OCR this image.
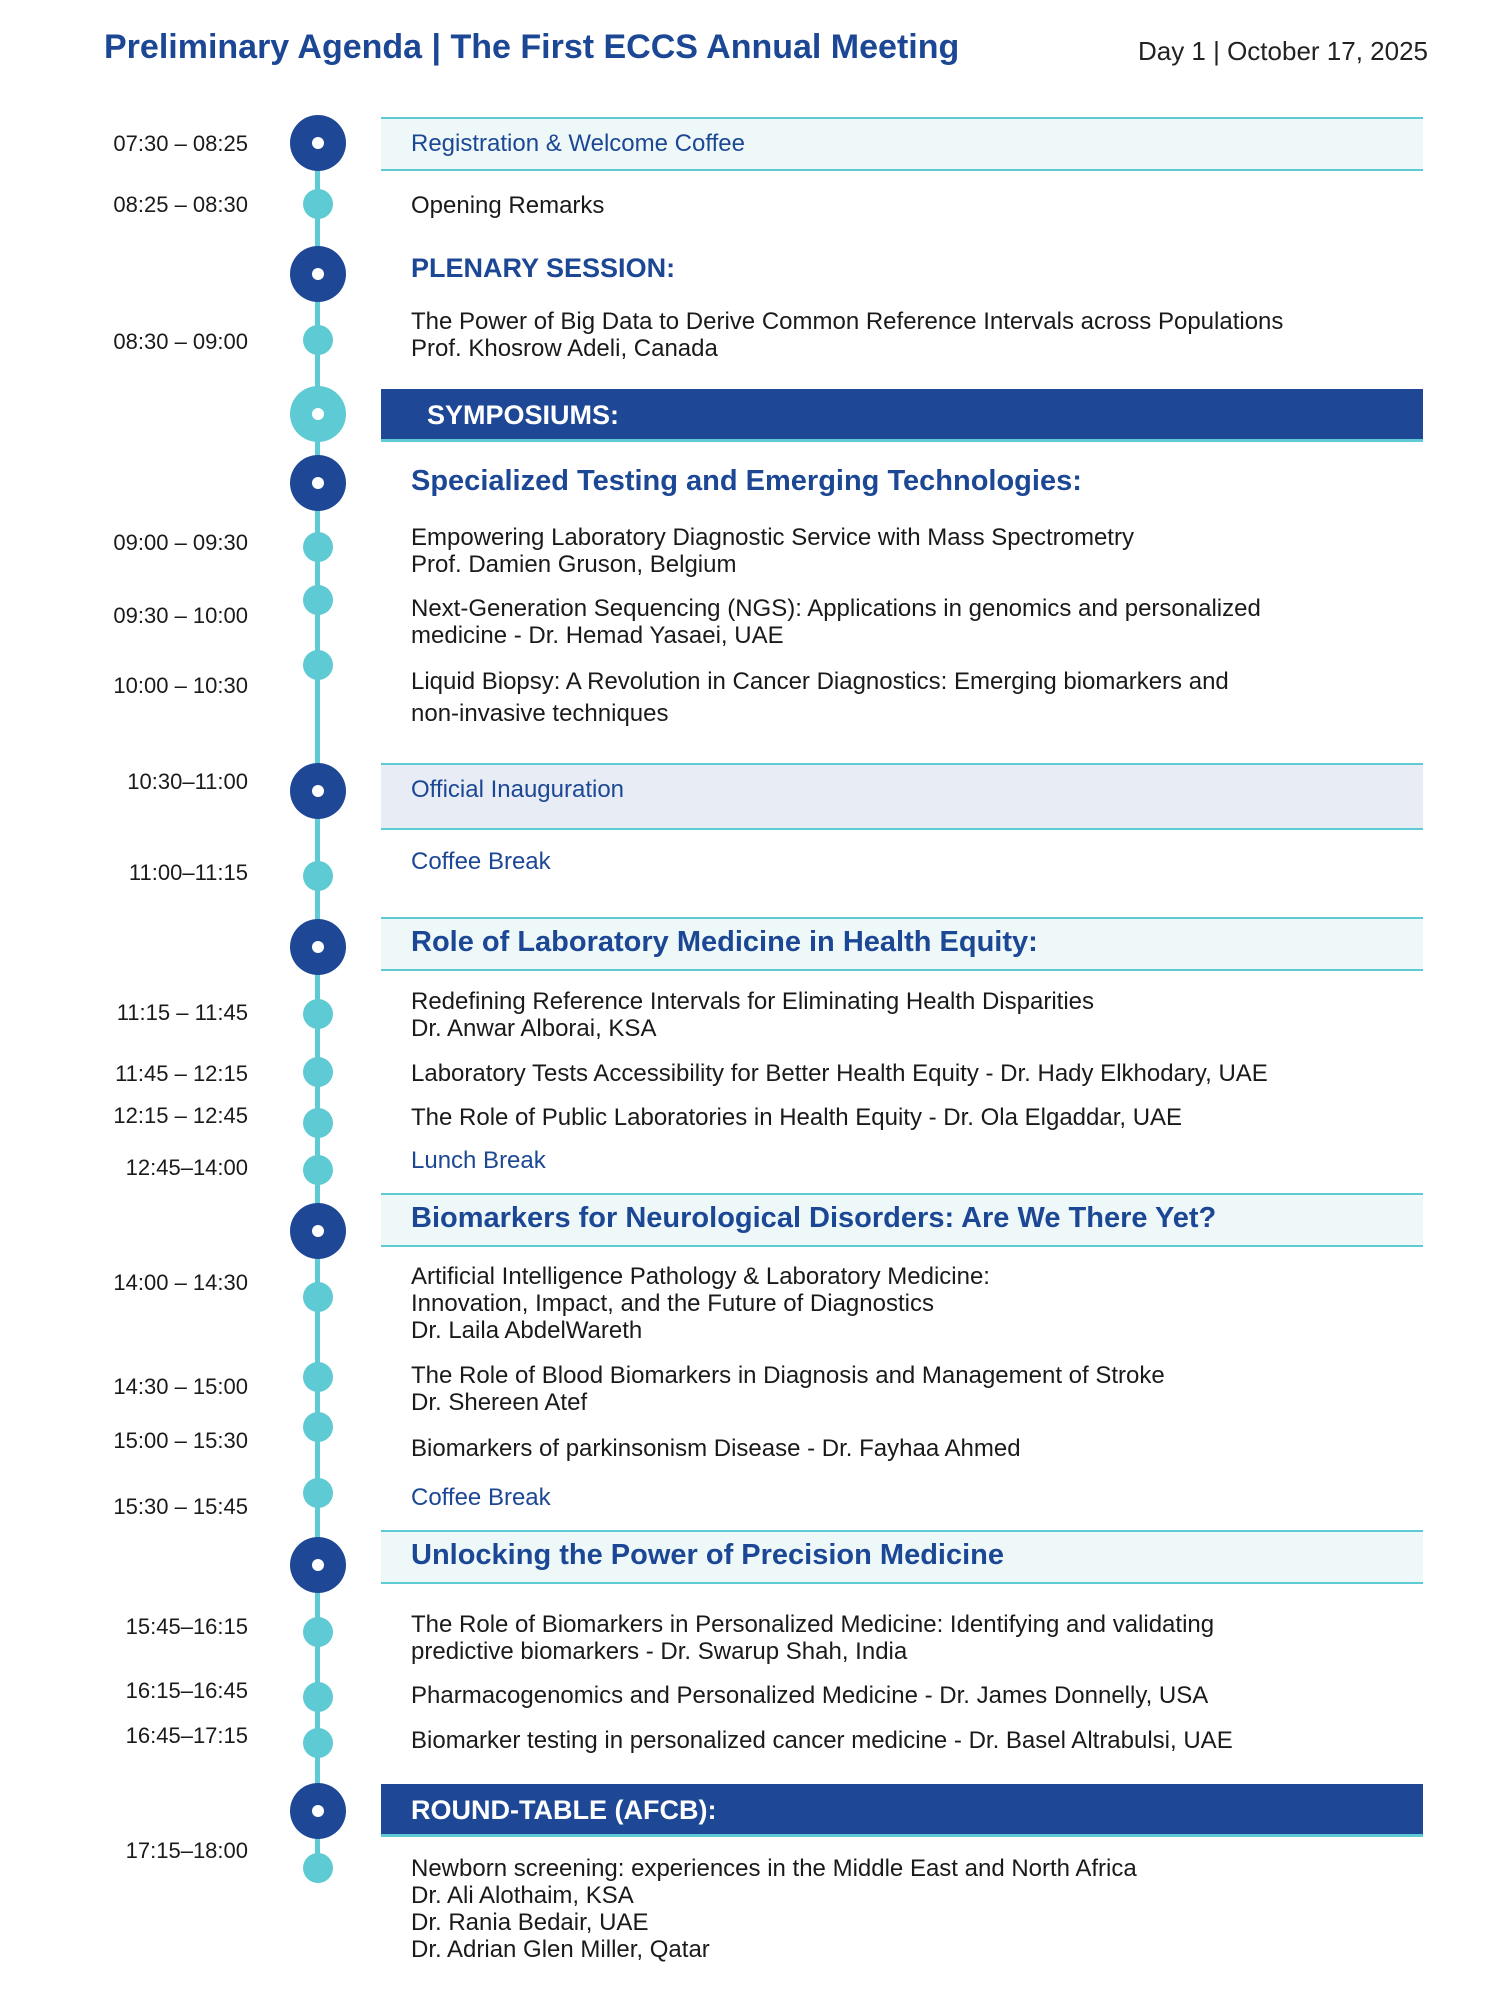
Preliminary Agenda | The First ECCS Annual Meeting	Day 1 | October 17, 2025
07:30 – 08:25
08:25 – 08:30
08:30 – 09:00
09:00 – 09:30
09:30 – 10:00
10:00 – 10:30
10:30–11:00
11:00–11:15
11:15 – 11:45
11:45 – 12:15
12:15 – 12:45
12:45–14:00
14:00 – 14:30
14:30 – 15:00
15:00 – 15:30
15:30 – 15:45
15:45–16:15
16:15–16:45
16:45–17:15
17:15–18:00
Registration & Welcome Coffee
Opening Remarks
PLENARY SESSION:
The Power of Big Data to Derive Common Reference Intervals across Populations
Prof. Khosrow Adeli, Canada
SYMPOSIUMS:
Specialized Testing and Emerging Technologies:
Empowering Laboratory Diagnostic Service with Mass Spectrometry
Prof. Damien Gruson, Belgium
Next-Generation Sequencing (NGS): Applications in genomics and personalized
medicine - Dr. Hemad Yasaei, UAE
Liquid Biopsy: A Revolution in Cancer Diagnostics: Emerging biomarkers and
non-invasive techniques
Official Inauguration
Coffee Break
Role of Laboratory Medicine in Health Equity:
Redefining Reference Intervals for Eliminating Health Disparities
Dr. Anwar Alborai, KSA
Laboratory Tests Accessibility for Better Health Equity - Dr. Hady Elkhodary, UAE
The Role of Public Laboratories in Health Equity - Dr. Ola Elgaddar, UAE
Lunch Break
Biomarkers for Neurological Disorders: Are We There Yet?
Artificial Intelligence Pathology & Laboratory Medicine:
Innovation, Impact, and the Future of Diagnostics
Dr. Laila AbdelWareth
The Role of Blood Biomarkers in Diagnosis and Management of Stroke
Dr. Shereen Atef
Biomarkers of parkinsonism Disease - Dr. Fayhaa Ahmed
Coffee Break
Unlocking the Power of Precision Medicine
The Role of Biomarkers in Personalized Medicine: Identifying and validating
predictive biomarkers - Dr. Swarup Shah, India
Pharmacogenomics and Personalized Medicine - Dr. James Donnelly, USA
Biomarker testing in personalized cancer medicine - Dr. Basel Altrabulsi, UAE
ROUND-TABLE (AFCB):
Newborn screening: experiences in the Middle East and North Africa
Dr. Ali Alothaim, KSA
Dr. Rania Bedair, UAE
Dr. Adrian Glen Miller, Qatar
